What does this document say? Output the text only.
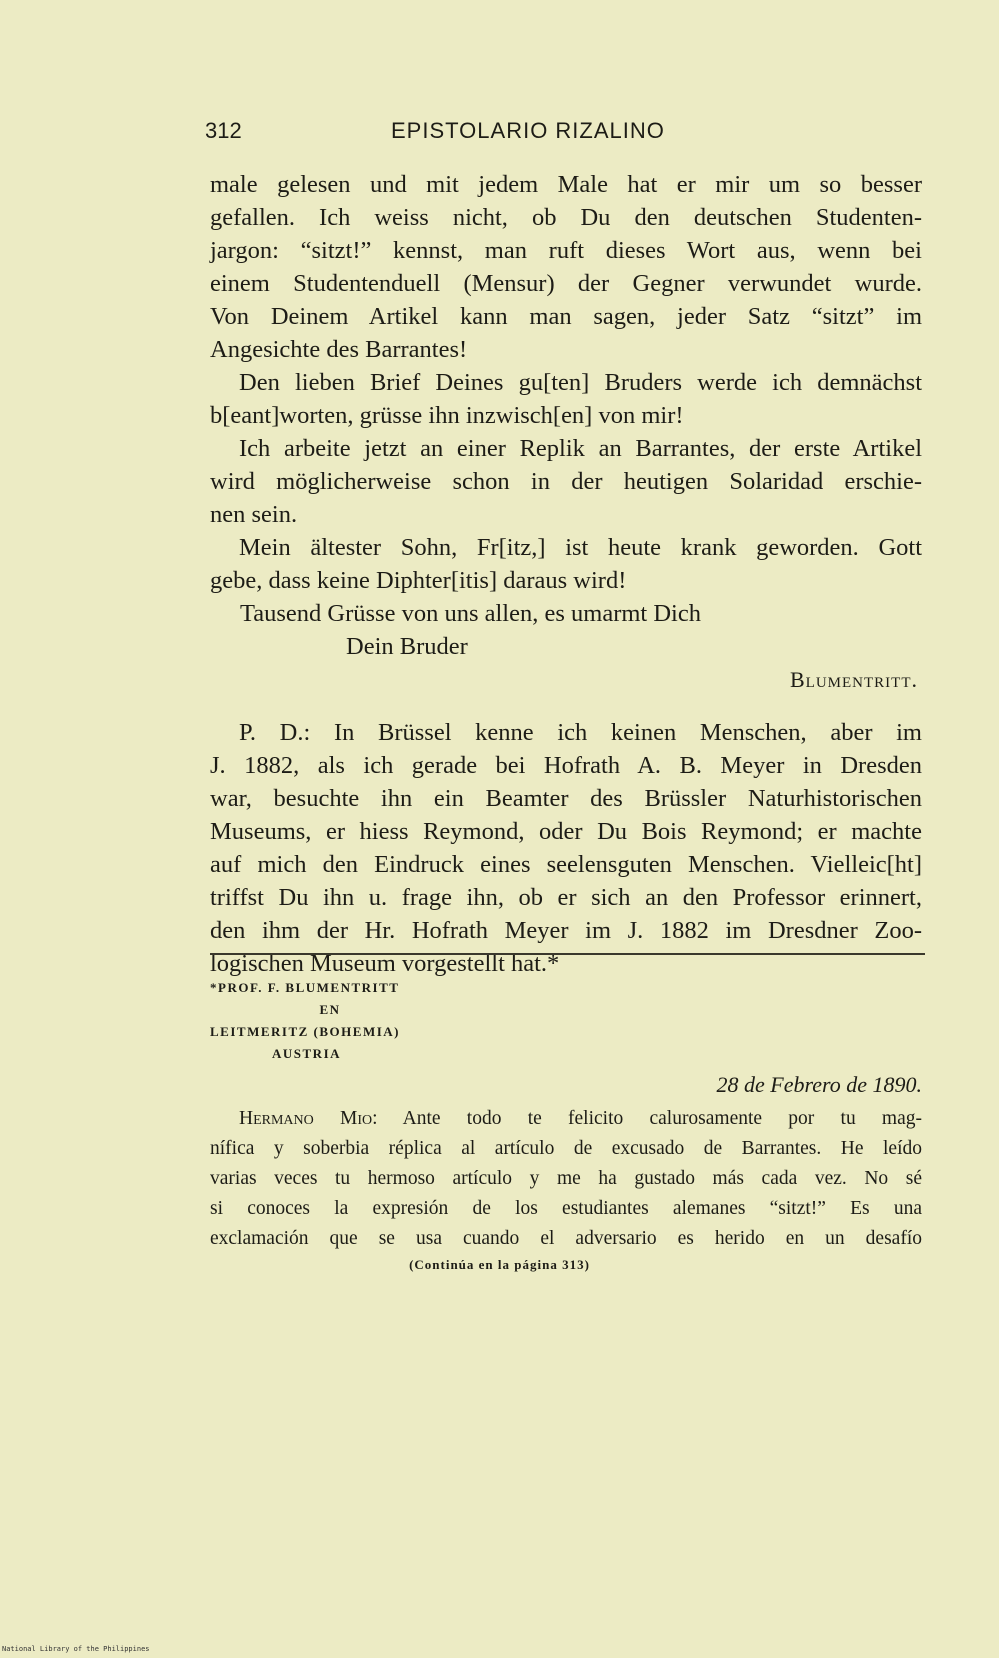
312	EPISTOLARIO RIZALINO

male gelesen und mit jedem Male hat er mir um so besser

gefallen. Ich weiss nicht, ob Du den deutschen Studenten-

jargon: “sitzt!” kennst, man ruft dieses Wort aus, wenn bei

einem Studentenduell (Mensur) der Gegner verwundet wurde.

Von Deinem Artikel kann man sagen, jeder Satz “sitzt” im

Angesichte des Barrantes!

Den lieben Brief Deines gu[ten] Bruders werde ich demnächst

b[eant]worten, grüsse ihn inzwisch[en] von mir!

Ich arbeite jetzt an einer Replik an Barrantes, der erste Artikel

wird möglicherweise schon in der heutigen Solaridad erschie-

nen sein.

Mein ältester Sohn, Fr[itz,] ist heute krank geworden. Gott

gebe, dass keine Diphter[itis] daraus wird!

Tausend Grüsse von uns allen, es umarmt Dich

Dein Bruder

Blumentritt.

P. D.: In Brüssel kenne ich keinen Menschen, aber im

J. 1882, als ich gerade bei Hofrath A. B. Meyer in Dresden

war, besuchte ihn ein Beamter des Brüssler Naturhistorischen

Museums, er hiess Reymond, oder Du Bois Reymond; er machte

auf mich den Eindruck eines seelensguten Menschen. Vielleic[ht]

triffst Du ihn u. frage ihn, ob er sich an den Professor erinnert,

den ihm der Hr. Hofrath Meyer im J. 1882 im Dresdner Zoo-

logischen Museum vorgestellt hat.*

*PROF. F. BLUMENTRITT
EN
LEITMERITZ (BOHEMIA)
AUSTRIA
28 de Febrero de 1890.

Hermano Mio: Ante todo te felicito calurosamente por tu mag-

nífica y soberbia réplica al artículo de excusado de Barrantes. He leído

varias veces tu hermoso artículo y me ha gustado más cada vez. No sé

si conoces la expresión de los estudiantes alemanes “sitzt!” Es una

exclamación que se usa cuando el adversario es herido en un desafío

(Continúa en la página 313)
National Library of the Philippines
